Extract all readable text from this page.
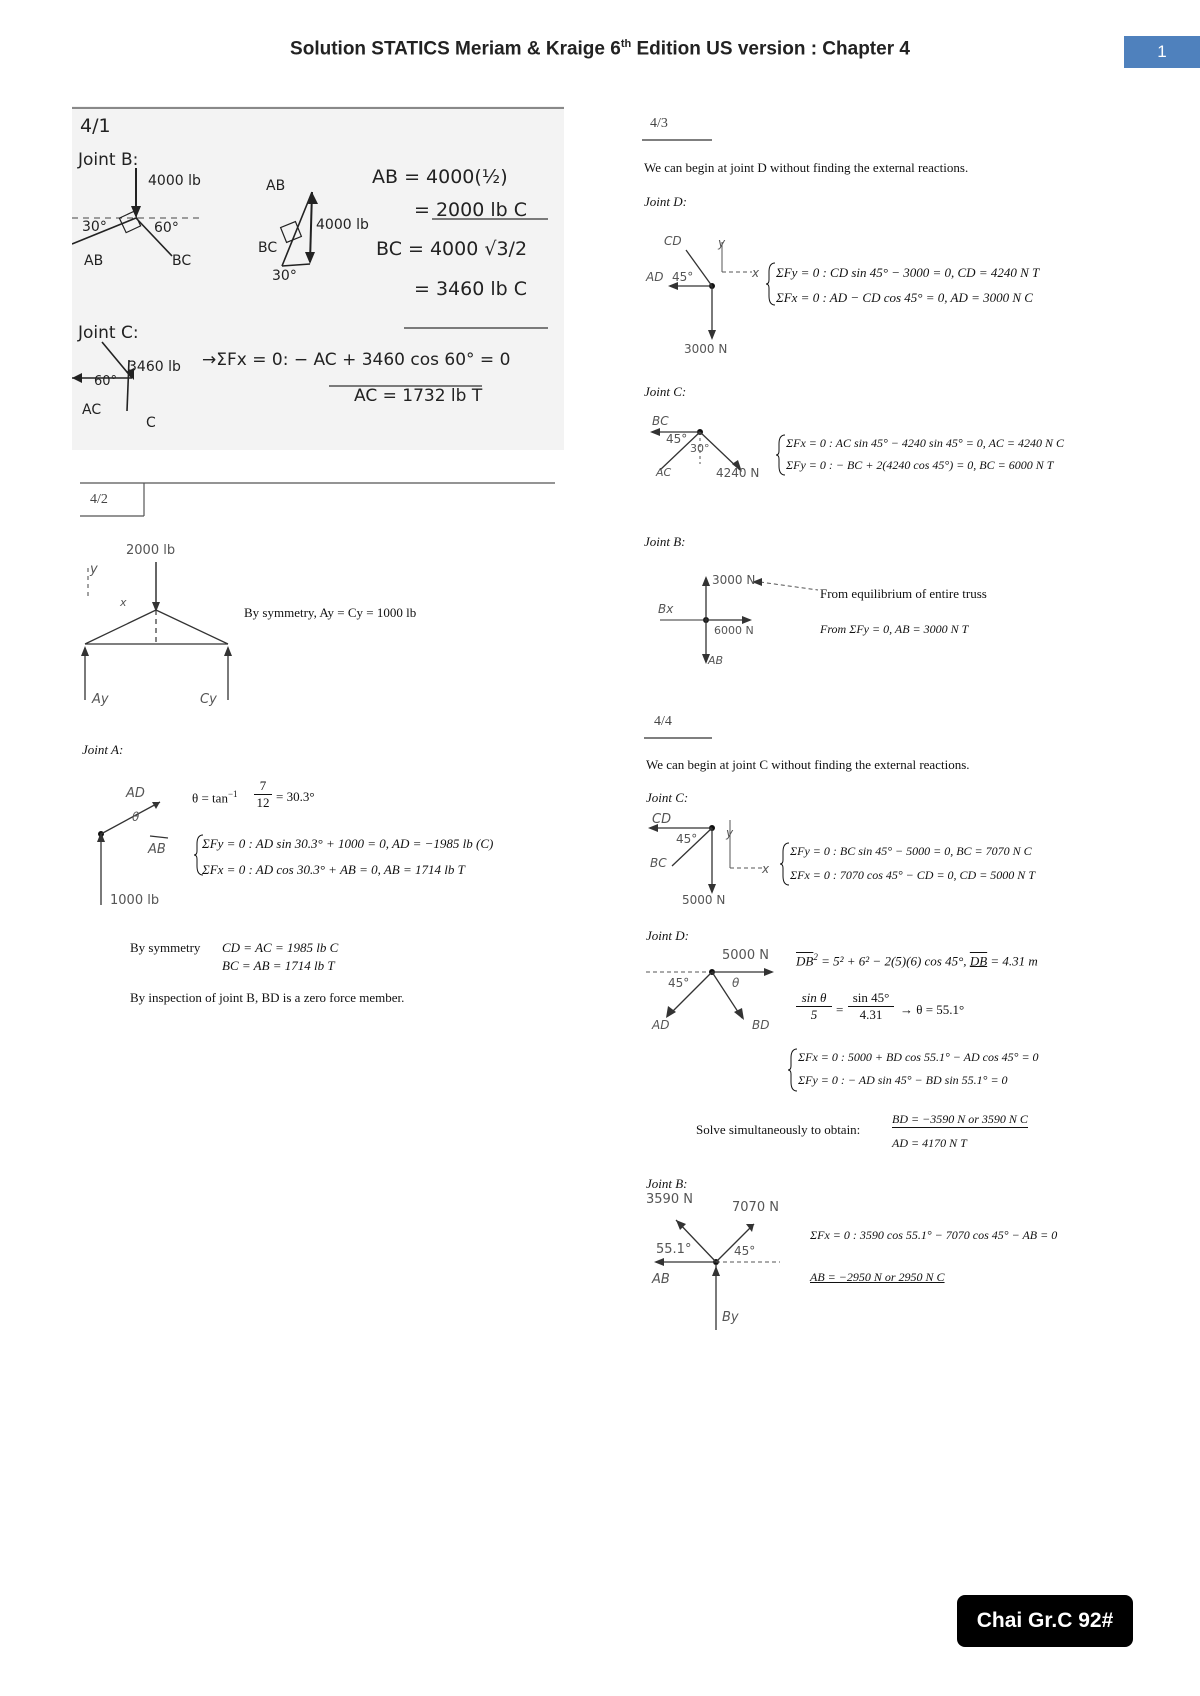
Solution STATICS Meriam & Kraige 6th Edition US version : Chapter 4	1
4/1
Joint B:
4000 lb
30°	60°
AB	BC
AB
4000 lb
BC
30°
AB = 4000(½)
= 2000 lb C
BC = 4000 √3/2
= 3460 lb C
Joint C:
3460 lb
60°
AC
C
→ΣFx = 0: − AC + 3460 cos 60° = 0
AC = 1732 lb T
4/2
2000 lb
y
x
Ay	Cy
By symmetry, Ay = Cy = 1000 lb
Joint A:
AD
θ
AB
1000 lb
$\theta = \tan^{-1}$
7
12 = 30.3°
ΣFy = 0 : AD sin 30.3° + 1000 = 0, AD = −1985 lb (C)
ΣFx = 0 : AD cos 30.3° + AB = 0, AB = 1714 lb T
By symmetry CD = AC = 1985 lb C
BC = AB = 1714 lb T
By inspection of joint B, BD is a zero force member.
4/3
We can begin at joint D without finding the external reactions.
Joint D:
CD
AD 45°
y
x
3000 N
ΣFy = 0 : CD sin 45° − 3000 = 0, CD = 4240 N T
ΣFx = 0 : AD − CD cos 45° = 0, AD = 3000 N C
Joint C:
BC
45°
30°
AC	4240 N
ΣFx = 0 : AC sin 45° − 4240 sin 45° = 0, AC = 4240 N C
ΣFy = 0 : − BC + 2(4240 cos 45°) = 0, BC = 6000 N T
Joint B:
3000 N
Bx
6000 N
AB
From equilibrium of entire truss
From ΣFy = 0, AB = 3000 N T
4/4
We can begin at joint C without finding the external reactions.
Joint C:
CD
45° y
BC	x
5000 N
ΣFy = 0 : BC sin 45° − 5000 = 0, BC = 7070 N C
ΣFx = 0 : 7070 cos 45° − CD = 0, CD = 5000 N T
Joint D:
5000 N
45°	θ
AD	BD
$\overline{DB}^2 = 5^2 + 6^2 - 2(5)(6)$ cos 45°, DB = 4.31 m
sin θ
5	=
sin 45°
4.31	→ θ = 55.1°
ΣFx = 0 : 5000 + BD cos 55.1° − AD cos 45° = 0
ΣFy = 0 : − AD sin 45° − BD sin 55.1° = 0
Solve simultaneously to obtain:
BD = −3590 N or 3590 N C
AD = 4170 N T
Joint B:
3590 N
7070 N
55.1°	45°
AB
By
ΣFx = 0 : 3590 cos 55.1° − 7070 cos 45° − AB = 0
AB = −2950 N or 2950 N C
Chai Gr.C 92#
